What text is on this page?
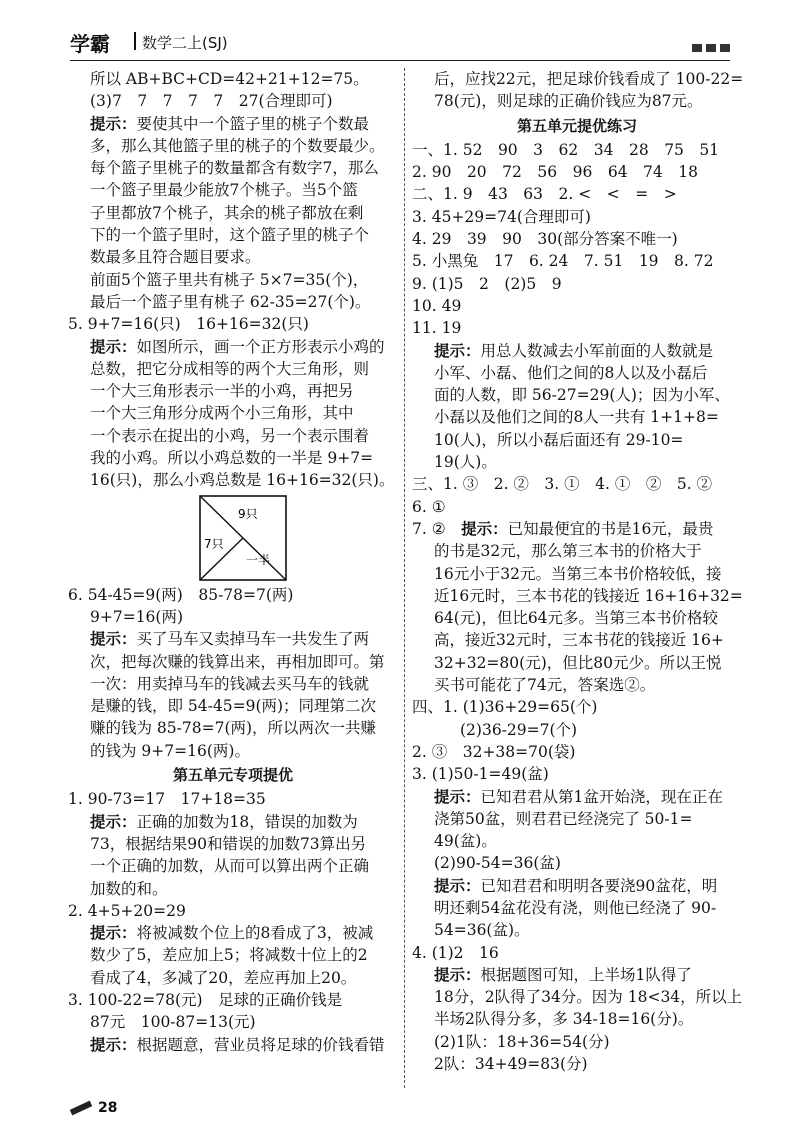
学霸 数学二上(SJ)
所以 AB+BC+CD=42+21+12=75。
(3)7　7　7　7　7　27(合理即可)
提示：要使其中一个篮子里的桃子个数最
多，那么其他篮子里的桃子的个数要最少。
每个篮子里桃子的数量都含有数字7，那么
一个篮子里最少能放7个桃子。当5个篮
子里都放7个桃子，其余的桃子都放在剩
下的一个篮子里时，这个篮子里的桃子个
数最多且符合题目要求。
前面5个篮子里共有桃子 5×7=35(个)，
最后一个篮子里有桃子 62-35=27(个)。
5. 9+7=16(只)　16+16=32(只)
提示：如图所示，画一个正方形表示小鸡的
总数，把它分成相等的两个大三角形，则
一个大三角形表示一半的小鸡，再把另
一个大三角形分成两个小三角形，其中
一个表示在捉出的小鸡，另一个表示围着
我的小鸡。所以小鸡总数的一半是 9+7=
16(只)，那么小鸡总数是 16+16=32(只)。
9只
7只
一半
6. 54-45=9(两)　85-78=7(两)
9+7=16(两)
提示：买了马车又卖掉马车一共发生了两
次，把每次赚的钱算出来，再相加即可。第
一次：用卖掉马车的钱减去买马车的钱就
是赚的钱，即 54-45=9(两)；同理第二次
赚的钱为 85-78=7(两)，所以两次一共赚
的钱为 9+7=16(两)。
第五单元专项提优
1. 90-73=17　17+18=35
提示：正确的加数为18，错误的加数为
73，根据结果90和错误的加数73算出另
一个正确的加数，从而可以算出两个正确
加数的和。
2. 4+5+20=29
提示：将被减数个位上的8看成了3，被减
数少了5，差应加上5；将减数十位上的2
看成了4，多减了20，差应再加上20。
3. 100-22=78(元)　足球的正确价钱是
87元　100-87=13(元)
提示：根据题意，营业员将足球的价钱看错
后，应找22元，把足球价钱看成了 100-22=
78(元)，则足球的正确价钱应为87元。
第五单元提优练习
一、1. 52　90　3　62　34　28　75　51
2. 90　20　72　56　96　64　74　18
二、1. 9　43　63　2. <　<　=　>
3. 45+29=74(合理即可)
4. 29　39　90　30(部分答案不唯一)
5. 小黑兔　17　6. 24　7. 51　19　8. 72
9. (1)5　2　(2)5　9
10. 49
11. 19
提示：用总人数减去小军前面的人数就是
小军、小磊、他们之间的8人以及小磊后
面的人数，即 56-27=29(人)；因为小军、
小磊以及他们之间的8人一共有 1+1+8=
10(人)，所以小磊后面还有 29-10=
19(人)。
三、1. ③　2. ②　3. ①　4. ①　②　5. ②
6. ①
7. ②　提示：已知最便宜的书是16元，最贵
的书是32元，那么第三本书的价格大于
16元小于32元。当第三本书价格较低，接
近16元时，三本书花的钱接近 16+16+32=
64(元)，但比64元多。当第三本书价格较
高，接近32元时，三本书花的钱接近 16+
32+32=80(元)，但比80元少。所以王悦
买书可能花了74元，答案选②。
四、1. (1)36+29=65(个)
(2)36-29=7(个)
2. ③　32+38=70(袋)
3. (1)50-1=49(盆)
提示：已知君君从第1盆开始浇，现在正在
浇第50盆，则君君已经浇完了 50-1=
49(盆)。
(2)90-54=36(盆)
提示：已知君君和明明各要浇90盆花，明
明还剩54盆花没有浇，则他已经浇了 90-
54=36(盆)。
4. (1)2　16
提示：根据题图可知，上半场1队得了
18分，2队得了34分。因为 18<34，所以上
半场2队得分多，多 34-18=16(分)。
(2)1队：18+36=54(分)
2队：34+49=83(分)
28
